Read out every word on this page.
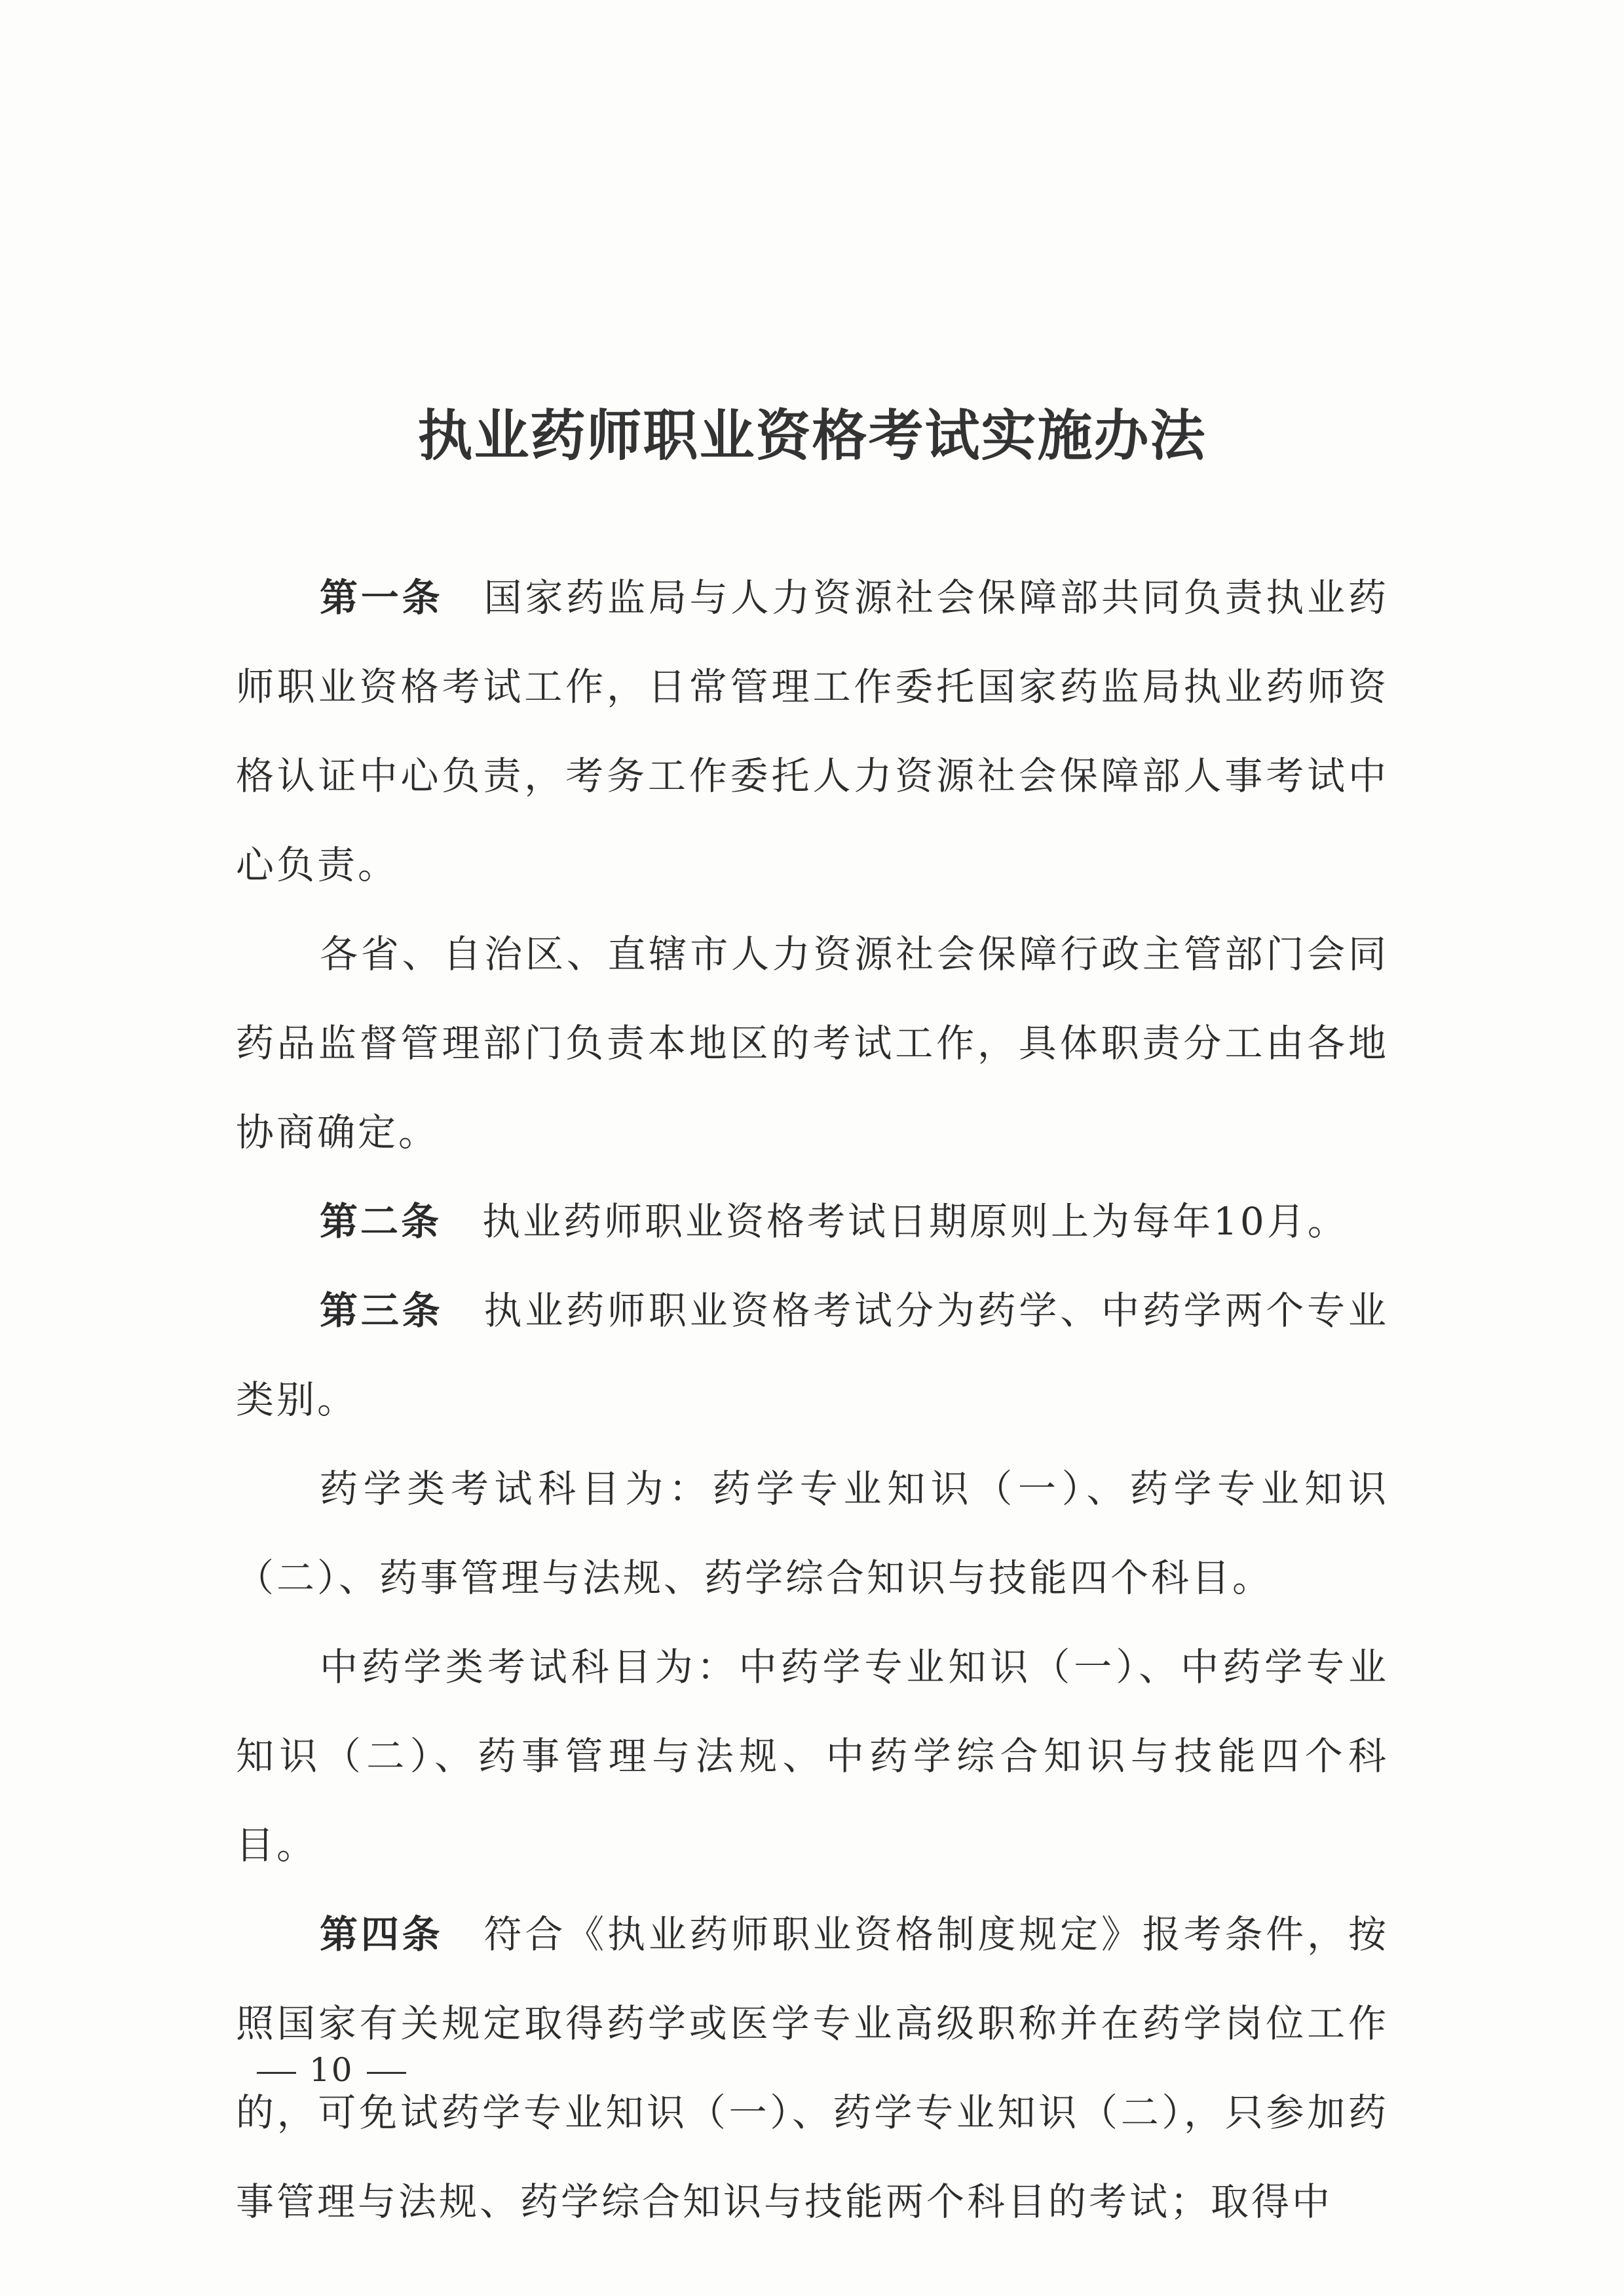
执业药师职业资格考试实施办法

第一条 国家药监局与人力资源社会保障部共同负责执业药师职业资格考试工作，日常管理工作委托国家药监局执业药师资格认证中心负责，考务工作委托人力资源社会保障部人事考试中心负责。

各省、自治区、直辖市人力资源社会保障行政主管部门会同药品监督管理部门负责本地区的考试工作，具体职责分工由各地协商确定。

第二条 执业药师职业资格考试日期原则上为每年10月。

第三条 执业药师职业资格考试分为药学、中药学两个专业类别。

药学类考试科目为：药学专业知识（一）、药学专业知识（二）、药事管理与法规、药学综合知识与技能四个科目。

中药学类考试科目为：中药学专业知识（一）、中药学专业知识（二）、药事管理与法规、中药学综合知识与技能四个科目。

第四条 符合《执业药师职业资格制度规定》报考条件，按照国家有关规定取得药学或医学专业高级职称并在药学岗位工作的，可免试药学专业知识（一）、药学专业知识（二），只参加药事管理与法规、药学综合知识与技能两个科目的考试；取得中

10
